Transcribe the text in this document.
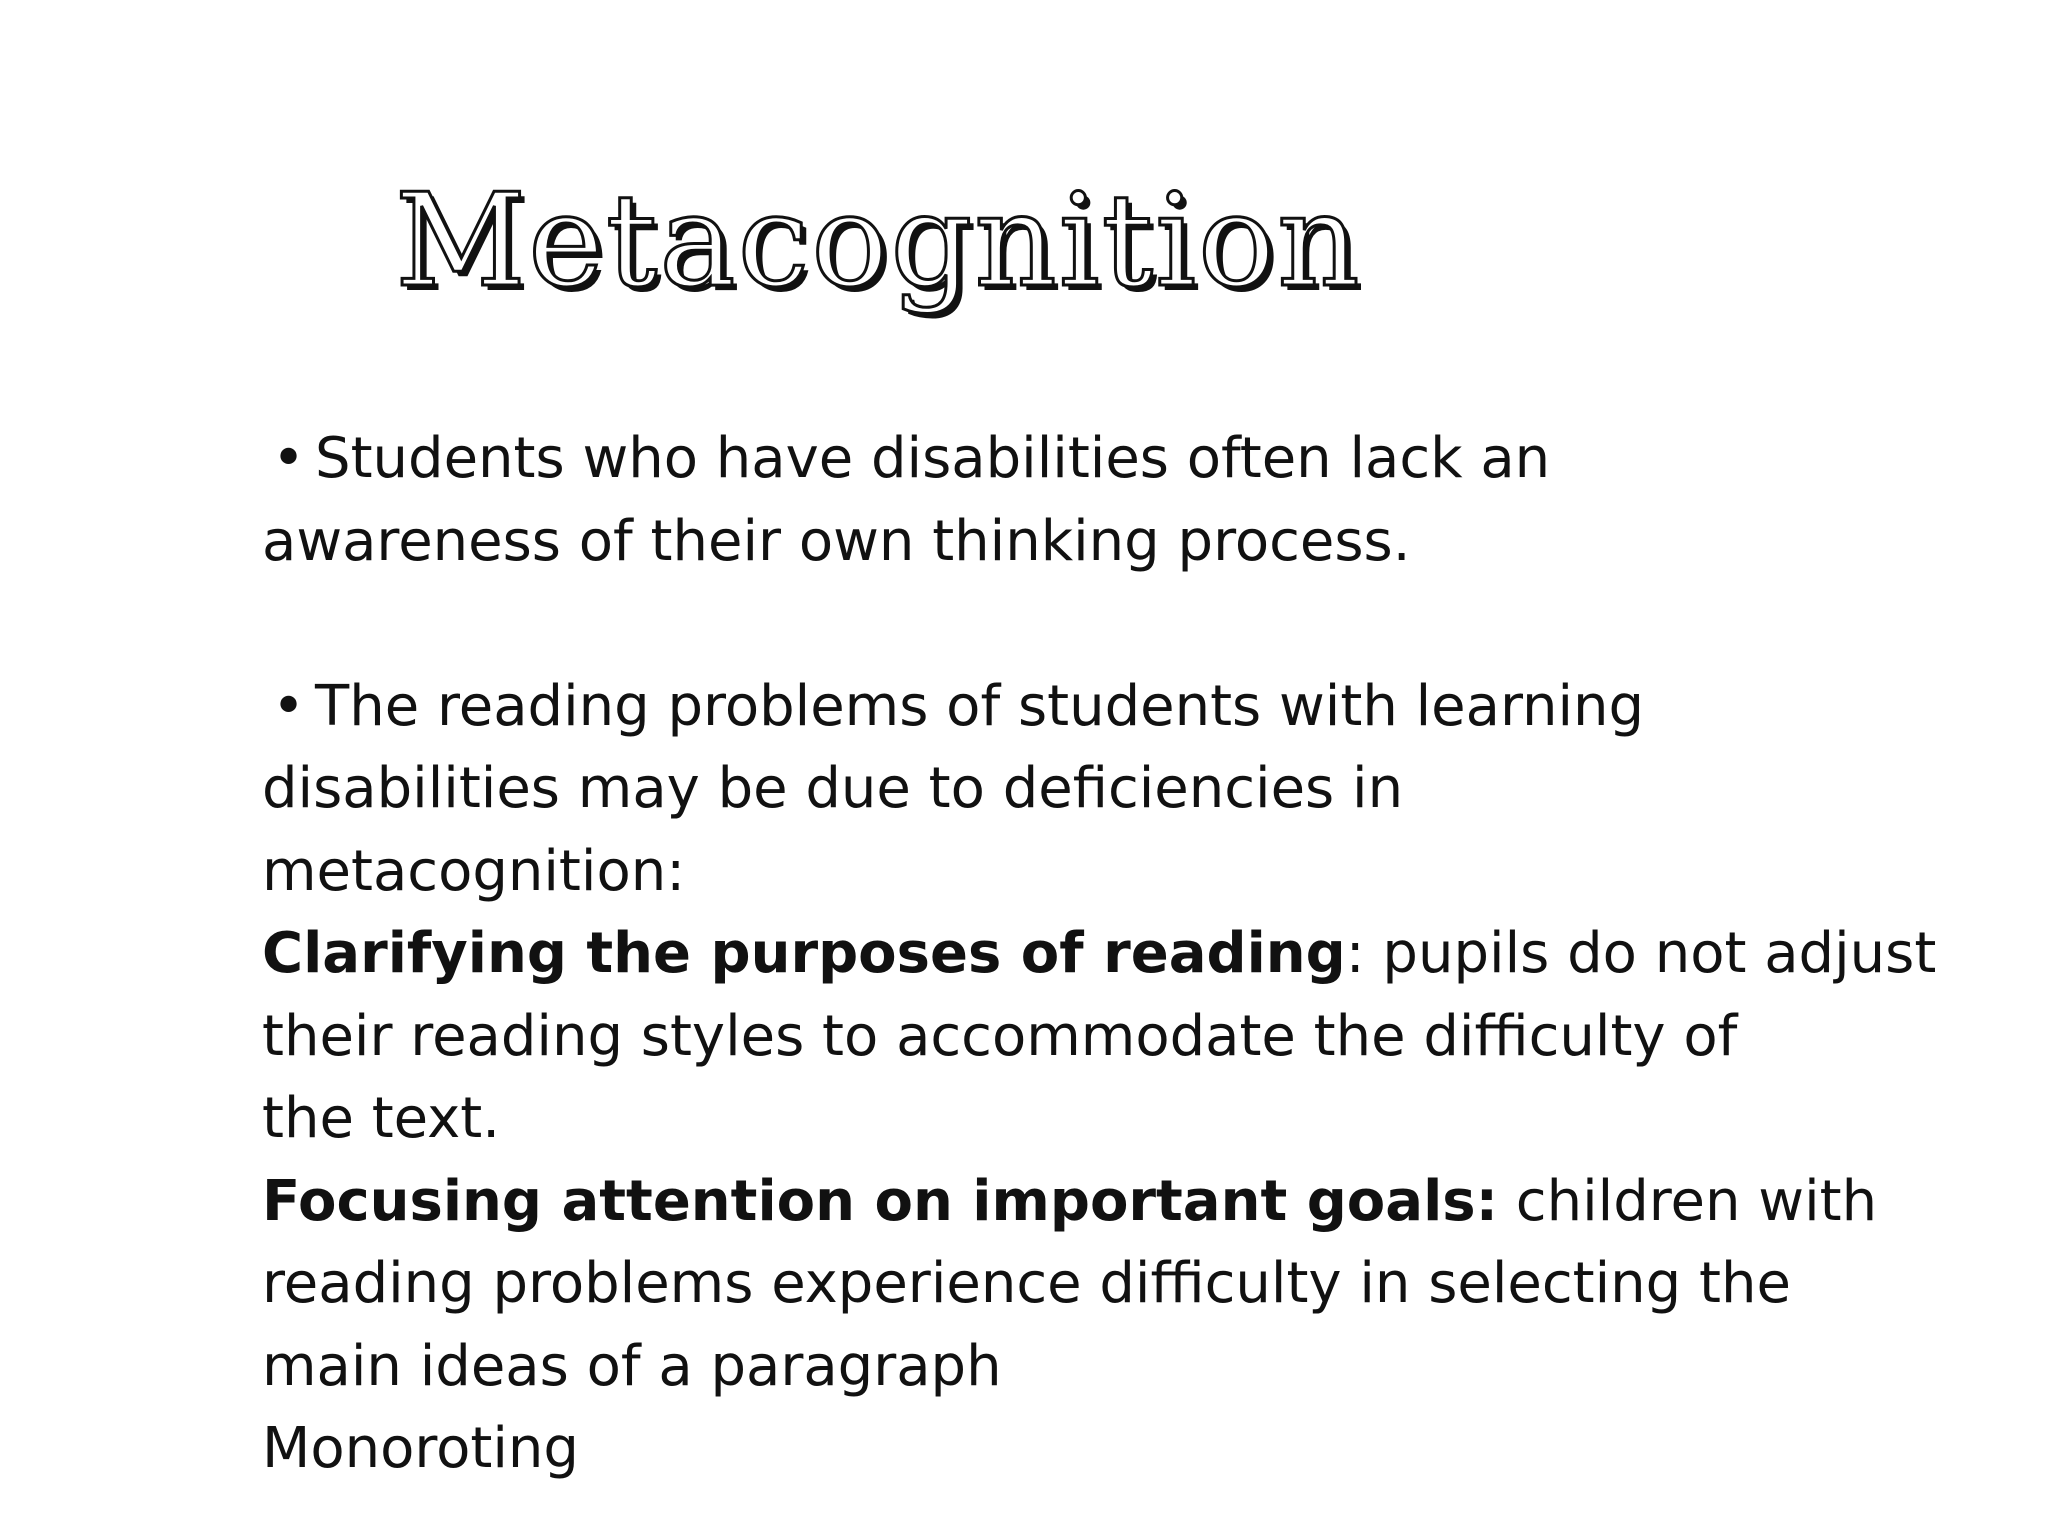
Metacognition

• Students who have disabilities often lack an

awareness of their own thinking process.

• The reading problems of students with learning

disabilities may be due to deficiencies in

metacognition:

Clarifying the purposes of reading: pupils do not adjust

their reading styles to accommodate the difficulty of

the text.

Focusing attention on important goals: children with

reading problems experience difficulty in selecting the

main ideas of a paragraph

Monoroting
